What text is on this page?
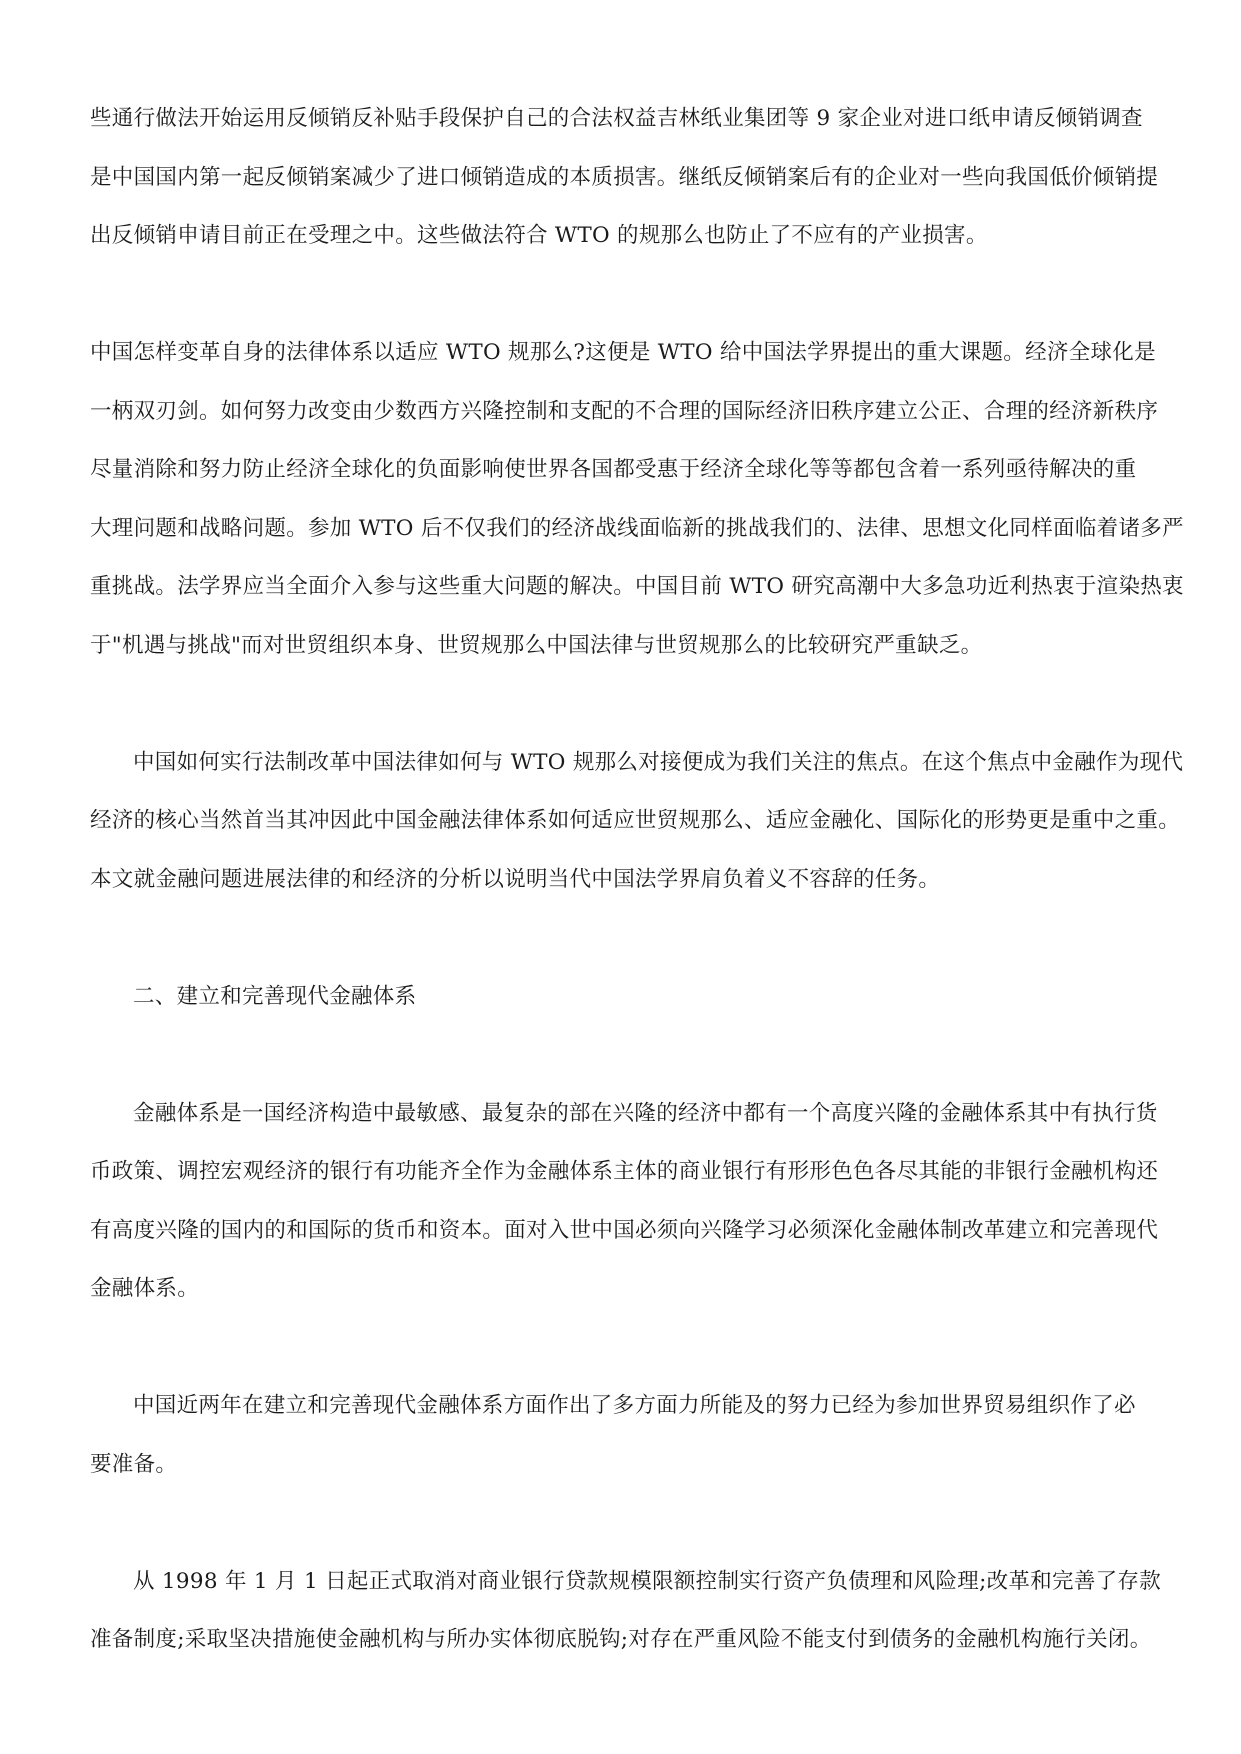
些通行做法开始运用反倾销反补贴手段保护自己的合法权益吉林纸业集团等 9 家企业对进口纸申请反倾销调查
是中国国内第一起反倾销案减少了进口倾销造成的本质损害。继纸反倾销案后有的企业对一些向我国低价倾销提
出反倾销申请目前正在受理之中。这些做法符合 WTO 的规那么也防止了不应有的产业损害。
中国怎样变革自身的法律体系以适应 WTO 规那么?这便是 WTO 给中国法学界提出的重大课题。经济全球化是
一柄双刃剑。如何努力改变由少数西方兴隆控制和支配的不合理的国际经济旧秩序建立公正、合理的经济新秩序
尽量消除和努力防止经济全球化的负面影响使世界各国都受惠于经济全球化等等都包含着一系列亟待解决的重
大理问题和战略问题。参加 WTO 后不仅我们的经济战线面临新的挑战我们的、法律、思想文化同样面临着诸多严
重挑战。法学界应当全面介入参与这些重大问题的解决。中国目前 WTO 研究高潮中大多急功近利热衷于渲染热衷
于"机遇与挑战"而对世贸组织本身、世贸规那么中国法律与世贸规那么的比较研究严重缺乏。
中国如何实行法制改革中国法律如何与 WTO 规那么对接便成为我们关注的焦点。在这个焦点中金融作为现代
经济的核心当然首当其冲因此中国金融法律体系如何适应世贸规那么、适应金融化、国际化的形势更是重中之重。
本文就金融问题进展法律的和经济的分析以说明当代中国法学界肩负着义不容辞的任务。
二、建立和完善现代金融体系
金融体系是一国经济构造中最敏感、最复杂的部在兴隆的经济中都有一个高度兴隆的金融体系其中有执行货
币政策、调控宏观经济的银行有功能齐全作为金融体系主体的商业银行有形形色色各尽其能的非银行金融机构还
有高度兴隆的国内的和国际的货币和资本。面对入世中国必须向兴隆学习必须深化金融体制改革建立和完善现代
金融体系。
中国近两年在建立和完善现代金融体系方面作出了多方面力所能及的努力已经为参加世界贸易组织作了必
要准备。
从 1998 年 1 月 1 日起正式取消对商业银行贷款规模限额控制实行资产负债理和风险理;改革和完善了存款
准备制度;采取坚决措施使金融机构与所办实体彻底脱钩;对存在严重风险不能支付到债务的金融机构施行关闭。
